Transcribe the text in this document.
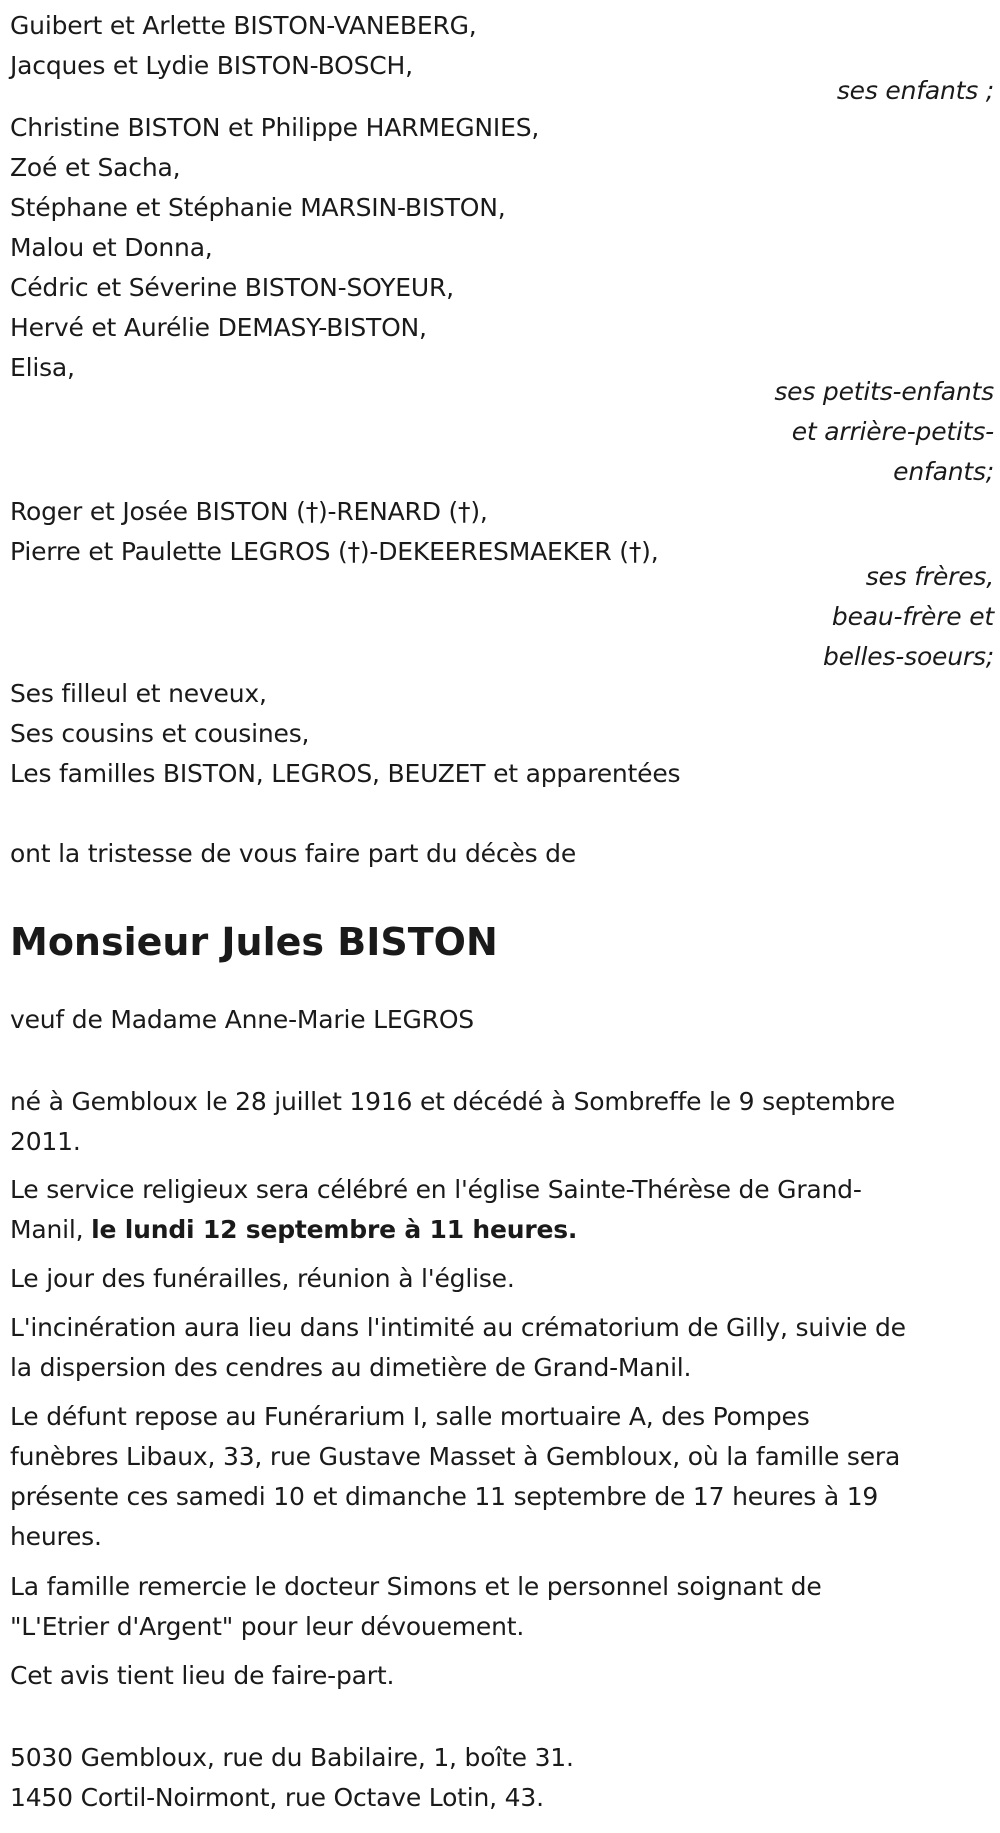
Guibert et Arlette BISTON-VANEBERG,
Jacques et Lydie BISTON-BOSCH,
ses enfants ;
Christine BISTON et Philippe HARMEGNIES,
Zoé et Sacha,
Stéphane et Stéphanie MARSIN-BISTON,
Malou et Donna,
Cédric et Séverine BISTON-SOYEUR,
Hervé et Aurélie DEMASY-BISTON,
Elisa,
ses petits-enfants
et arrière-petits-
enfants;
Roger et Josée BISTON (†)-RENARD (†),
Pierre et Paulette LEGROS (†)-DEKEERESMAEKER (†),
ses frères,
beau-frère et
belles-soeurs;
Ses filleul et neveux,
Ses cousins et cousines,
Les familles BISTON, LEGROS, BEUZET et apparentées
ont la tristesse de vous faire part du décès de
Monsieur Jules BISTON
veuf de Madame Anne-Marie LEGROS
né à Gembloux le 28 juillet 1916 et décédé à Sombreffe le 9 septembre
2011.
Le service religieux sera célébré en l'église Sainte-Thérèse de Grand-
Manil, le lundi 12 septembre à 11 heures.
Le jour des funérailles, réunion à l'église.
L'incinération aura lieu dans l'intimité au crématorium de Gilly, suivie de
la dispersion des cendres au dimetière de Grand-Manil.
Le défunt repose au Funérarium I, salle mortuaire A, des Pompes
funèbres Libaux, 33, rue Gustave Masset à Gembloux, où la famille sera
présente ces samedi 10 et dimanche 11 septembre de 17 heures à 19
heures.
La famille remercie le docteur Simons et le personnel soignant de
"L'Etrier d'Argent" pour leur dévouement.
Cet avis tient lieu de faire-part.
5030 Gembloux, rue du Babilaire, 1, boîte 31.
1450 Cortil-Noirmont, rue Octave Lotin, 43.
